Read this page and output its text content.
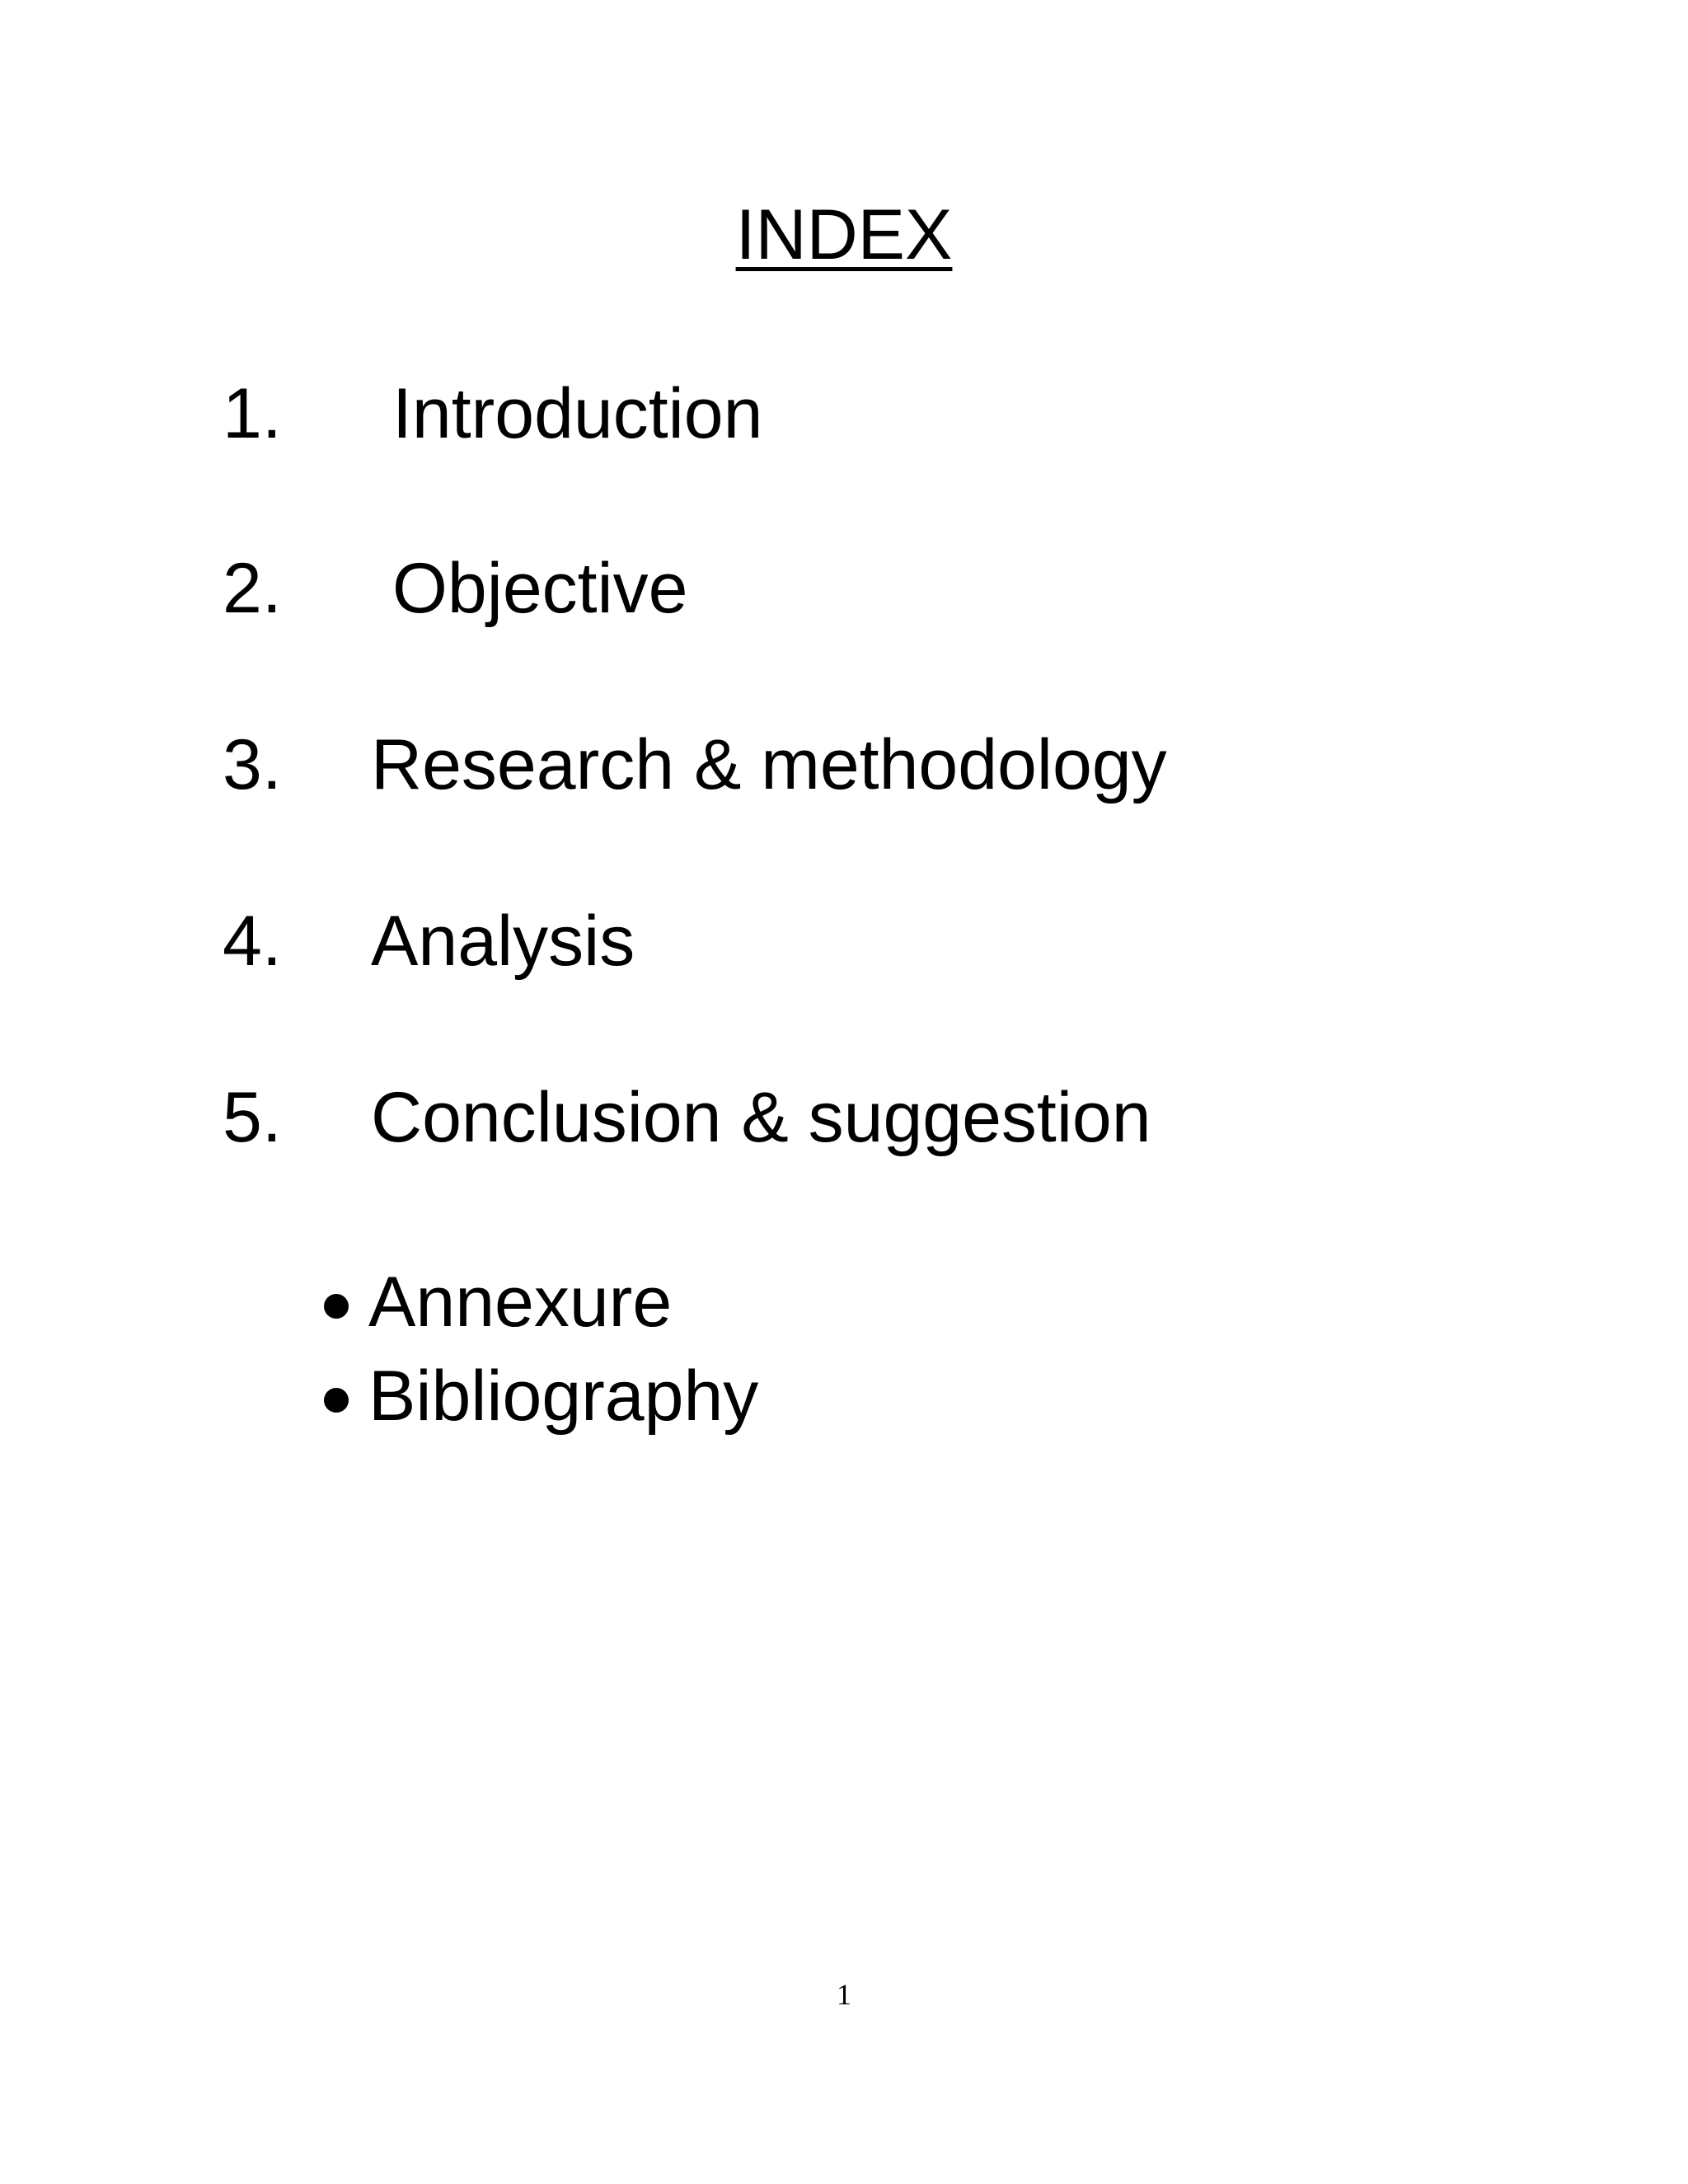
INDEX
1. Introduction
2. Objective
3. Research & methodology
4. Analysis
5. Conclusion & suggestion
Annexure
Bibliography
1
